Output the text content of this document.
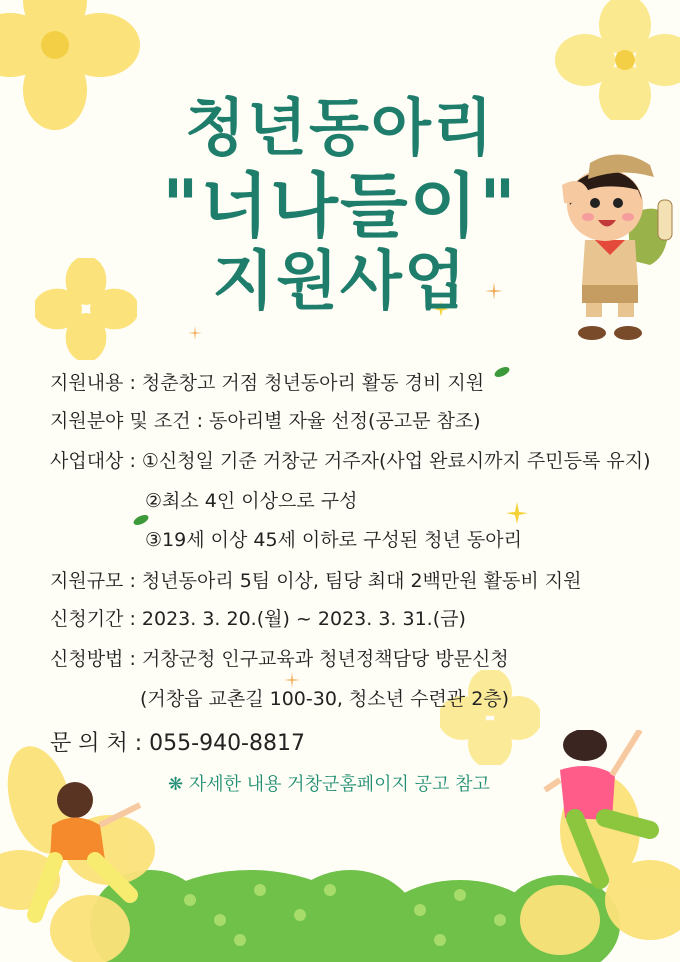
청년동아리
"너나들이"
지원사업
지원내용 : 청춘창고 거점 청년동아리 활동 경비 지원
지원분야 및 조건 : 동아리별 자율 선정(공고문 참조)
사업대상 : ①신청일 기준 거창군 거주자(사업 완료시까지 주민등록 유지)
②최소 4인 이상으로 구성
③19세 이상 45세 이하로 구성된 청년 동아리
지원규모 : 청년동아리 5팀 이상, 팀당 최대 2백만원 활동비 지원
신청기간 : 2023. 3. 20.(월) ~ 2023. 3. 31.(금)
신청방법 : 거창군청 인구교육과 청년정책담당 방문신청
(거창읍 교촌길 100-30, 청소년 수련관 2층)
문 의 처 : 055-940-8817
❋ 자세한 내용 거창군홈페이지 공고 참고
